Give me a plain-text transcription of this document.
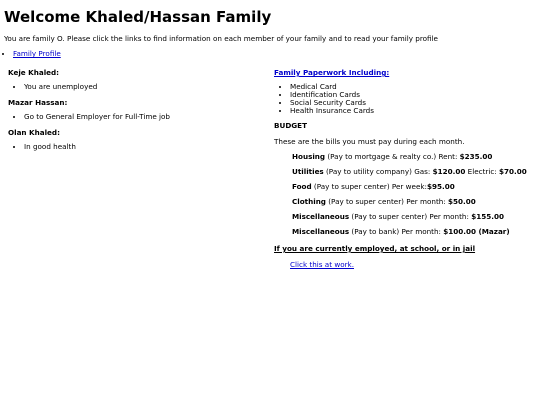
Welcome Khaled/Hassan Family

You are family O. Please click the links to find information on each member of your family and to read your family profile

• Family Profile

Keje Khaled:

• You are unemployed

Mazar Hassan:

• Go to General Employer for Full-Time job

Olan Khaled:

• In good health
Family Paperwork Including:
• Medical Card
• Identification Cards
• Social Security Cards
• Health Insurance Cards

BUDGET

These are the bills you must pay during each month.

Housing (Pay to mortgage & realty co.) Rent: $235.00

Utilities (Pay to utility company) Gas: $120.00 Electric: $70.00

Food (Pay to super center) Per week:$95.00

Clothing (Pay to super center) Per month: $50.00

Miscellaneous (Pay to super center) Per month: $155.00

Miscellaneous (Pay to bank) Per month: $100.00 (Mazar)

If you are currently employed, at school, or in jail

Click this at work.
